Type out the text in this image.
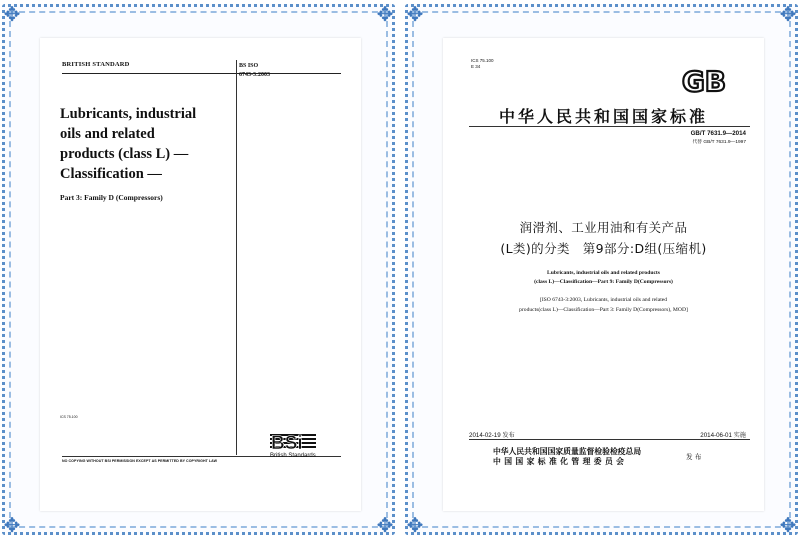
✥	✥
✥	✥
BRITISH STANDARD	BS ISO
6743-3:2003
Lubricants, industrial
oils and related
products (class L) —
Classification —
Part 3: Family D (Compressors)
ICS 75.100
NO COPYING WITHOUT BSI PERMISSION EXCEPT AS PERMITTED BY COPYRIGHT LAW
BSi
British Standards
✥	✥
✥	✥
ICS 75.100
E 34	GB
中华人民共和国国家标准
GB/T 7631.9—2014
代替 GB/T 7631.9—1997
润滑剂、工业用油和有关产品
(L类)的分类　第9部分:D组(压缩机)
Lubricants, industrial oils and related products
(class L)—Classification—Part 9: Family D(Compressors)
[ISO 6743-3:2003, Lubricants, industrial oils and related
products(class L)—Classification—Part 3: Family D(Compressors), MOD]
2014-02-19 发布	2014-06-01 实施
中华人民共和国国家质量监督检验检疫总局
中国国家标准化管理委员会	发 布
